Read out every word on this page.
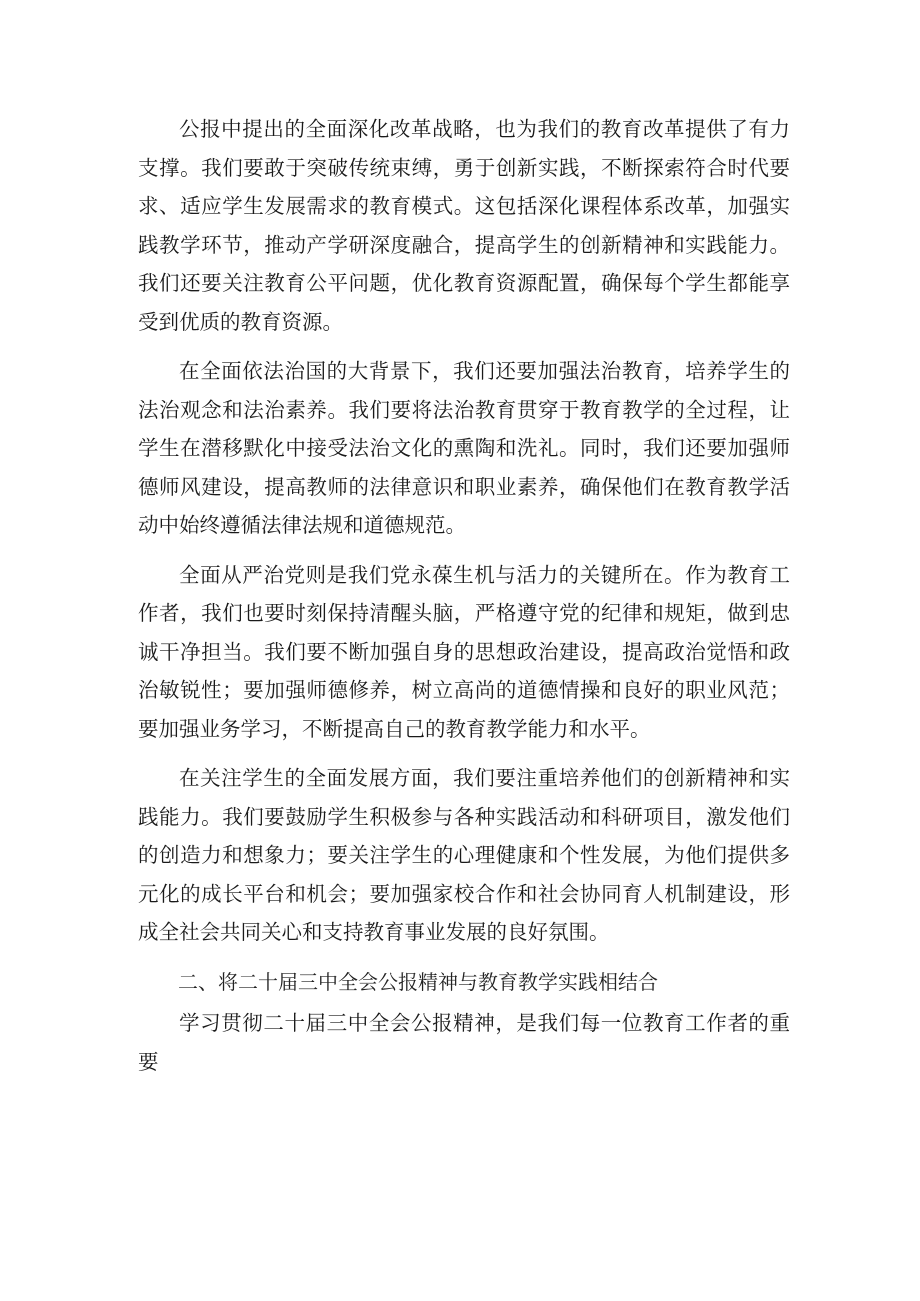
公报中提出的全面深化改革战略，也为我们的教育改革提供了有力支撑。我们要敢于突破传统束缚，勇于创新实践，不断探索符合时代要求、适应学生发展需求的教育模式。这包括深化课程体系改革，加强实践教学环节，推动产学研深度融合，提高学生的创新精神和实践能力。我们还要关注教育公平问题，优化教育资源配置，确保每个学生都能享受到优质的教育资源。

在全面依法治国的大背景下，我们还要加强法治教育，培养学生的法治观念和法治素养。我们要将法治教育贯穿于教育教学的全过程，让学生在潜移默化中接受法治文化的熏陶和洗礼。同时，我们还要加强师德师风建设，提高教师的法律意识和职业素养，确保他们在教育教学活动中始终遵循法律法规和道德规范。

全面从严治党则是我们党永葆生机与活力的关键所在。作为教育工作者，我们也要时刻保持清醒头脑，严格遵守党的纪律和规矩，做到忠诚干净担当。我们要不断加强自身的思想政治建设，提高政治觉悟和政治敏锐性；要加强师德修养，树立高尚的道德情操和良好的职业风范；要加强业务学习，不断提高自己的教育教学能力和水平。

在关注学生的全面发展方面，我们要注重培养他们的创新精神和实践能力。我们要鼓励学生积极参与各种实践活动和科研项目，激发他们的创造力和想象力；要关注学生的心理健康和个性发展，为他们提供多元化的成长平台和机会；要加强家校合作和社会协同育人机制建设，形成全社会共同关心和支持教育事业发展的良好氛围。

二、将二十届三中全会公报精神与教育教学实践相结合

学习贯彻二十届三中全会公报精神，是我们每一位教育工作者的重要
